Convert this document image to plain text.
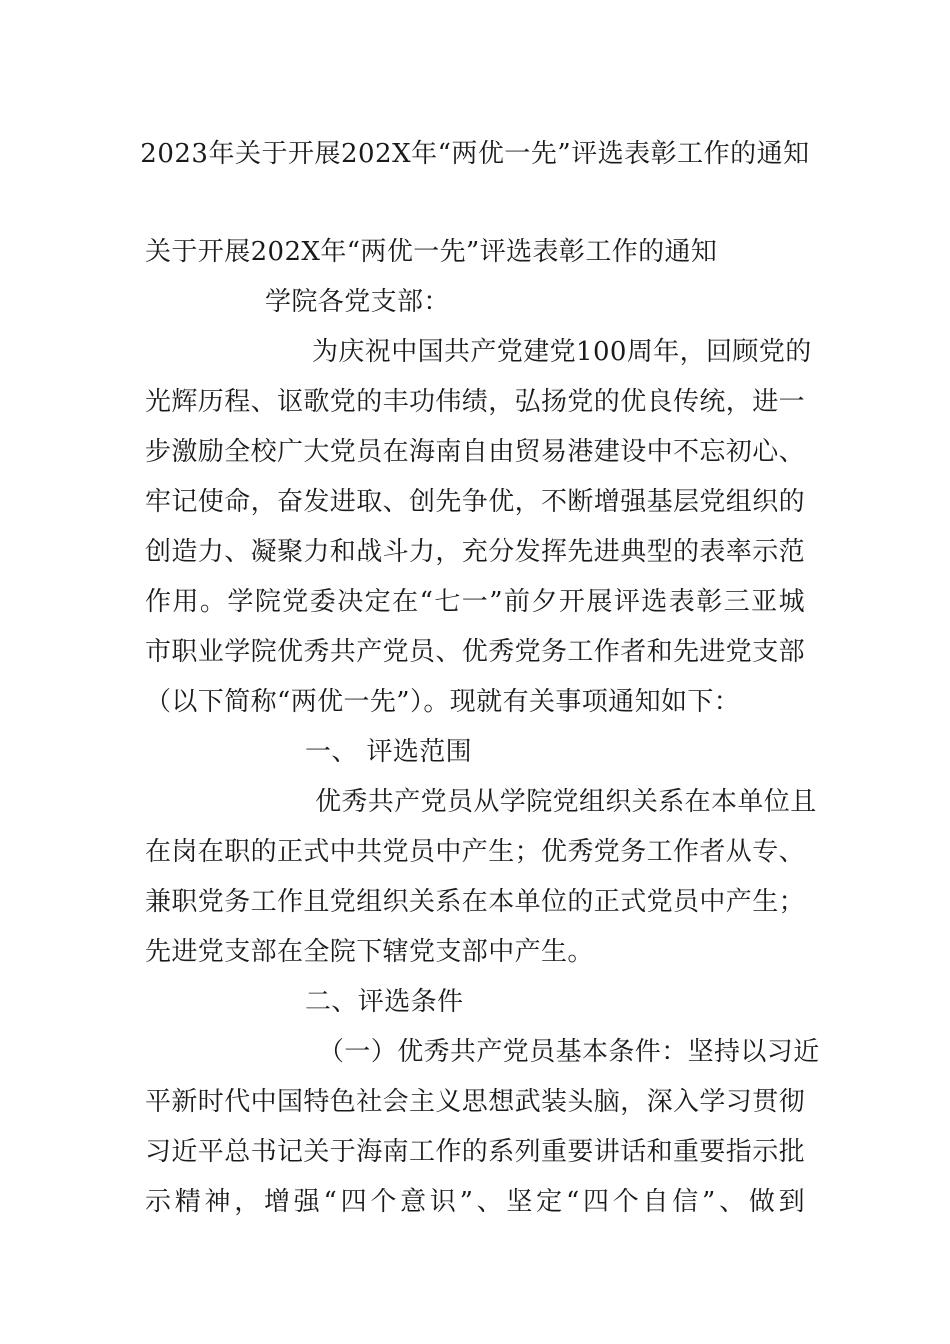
2023年关于开展202X年“两优一先”评选表彰工作的通知
关于开展202X年“两优一先”评选表彰工作的通知
学院各党支部：
为庆祝中国共产党建党100周年，回顾党的
光辉历程、讴歌党的丰功伟绩，弘扬党的优良传统，进一
步激励全校广大党员在海南自由贸易港建设中不忘初心、
牢记使命，奋发进取、创先争优，不断增强基层党组织的
创造力、凝聚力和战斗力，充分发挥先进典型的表率示范
作用。学院党委决定在“七一”前夕开展评选表彰三亚城
市职业学院优秀共产党员、优秀党务工作者和先进党支部
（以下简称“两优一先”）。现就有关事项通知如下：
一、 评选范围
优秀共产党员从学院党组织关系在本单位且
在岗在职的正式中共党员中产生；优秀党务工作者从专、
兼职党务工作且党组织关系在本单位的正式党员中产生；
先进党支部在全院下辖党支部中产生。
二、评选条件
（一）优秀共产党员基本条件：坚持以习近
平新时代中国特色社会主义思想武装头脑，深入学习贯彻
习近平总书记关于海南工作的系列重要讲话和重要指示批
示精神，增强“四个意识”、坚定“四个自信”、做到
